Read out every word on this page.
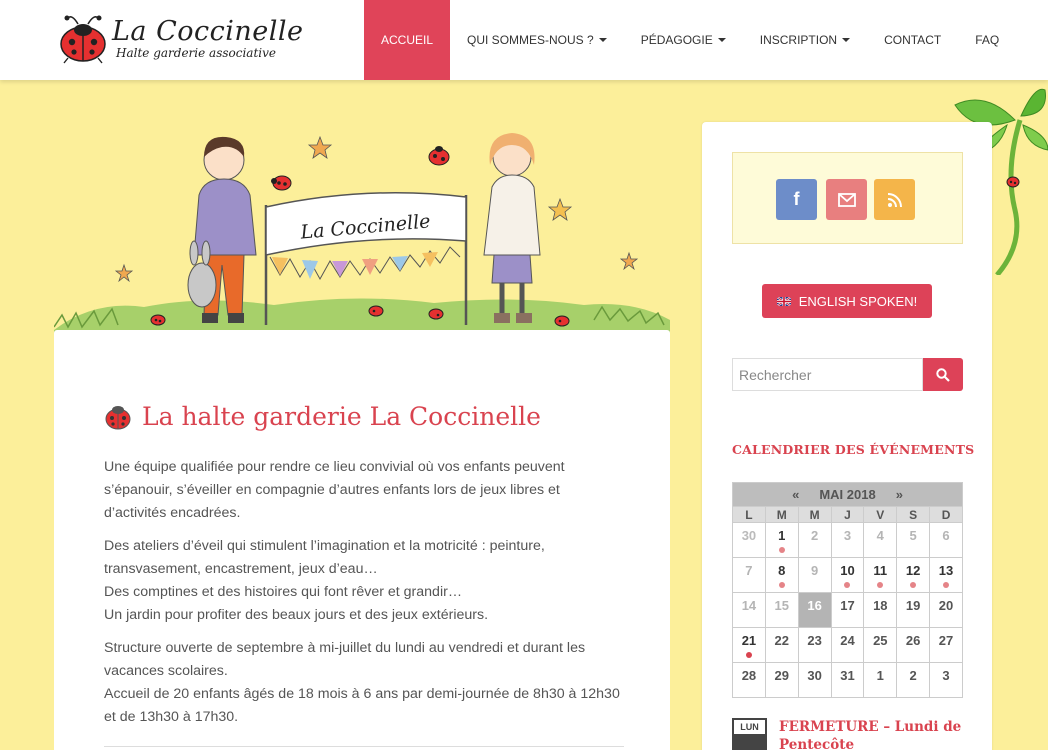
La Coccinelle
Halte garderie associative
ACCUEIL	QUI SOMMES-NOUS ?	PÉDAGOGIE	INSCRIPTION	CONTACT	FAQ
La Coccinelle
La halte garderie La Coccinelle

Une équipe qualifiée pour rendre ce lieu convivial où vos enfants peuvent s’épanouir, s’éveiller en compagnie d’autres enfants lors de jeux libres et d’activités encadrées.

Des ateliers d’éveil qui stimulent l’imagination et la motricité : peinture, transvasement, encastrement, jeux d’eau…
Des comptines et des histoires qui font rêver et grandir…
Un jardin pour profiter des beaux jours et des jeux extérieurs.

Structure ouverte de septembre à mi-juillet du lundi au vendredi et durant les vacances scolaires.
Accueil de 20 enfants âgés de 18 mois à 6 ans par demi-journée de 8h30 à 12h30 et de 13h30 à 17h30.

f
ENGLISH SPOKEN!
Rechercher
CALENDRIER DES ÉVÉNEMENTS
« MAI 2018 »						
L	M	M	J	V	S	D
30	1	2	3	4	5	6
7	8	9	10	11	12	13

14	15	16	17	18	19	20
21	22	23	24	25	26	27
28	29	30	31	1	2	3
LUN	FERMETURE – Lundi de Pentecôte
